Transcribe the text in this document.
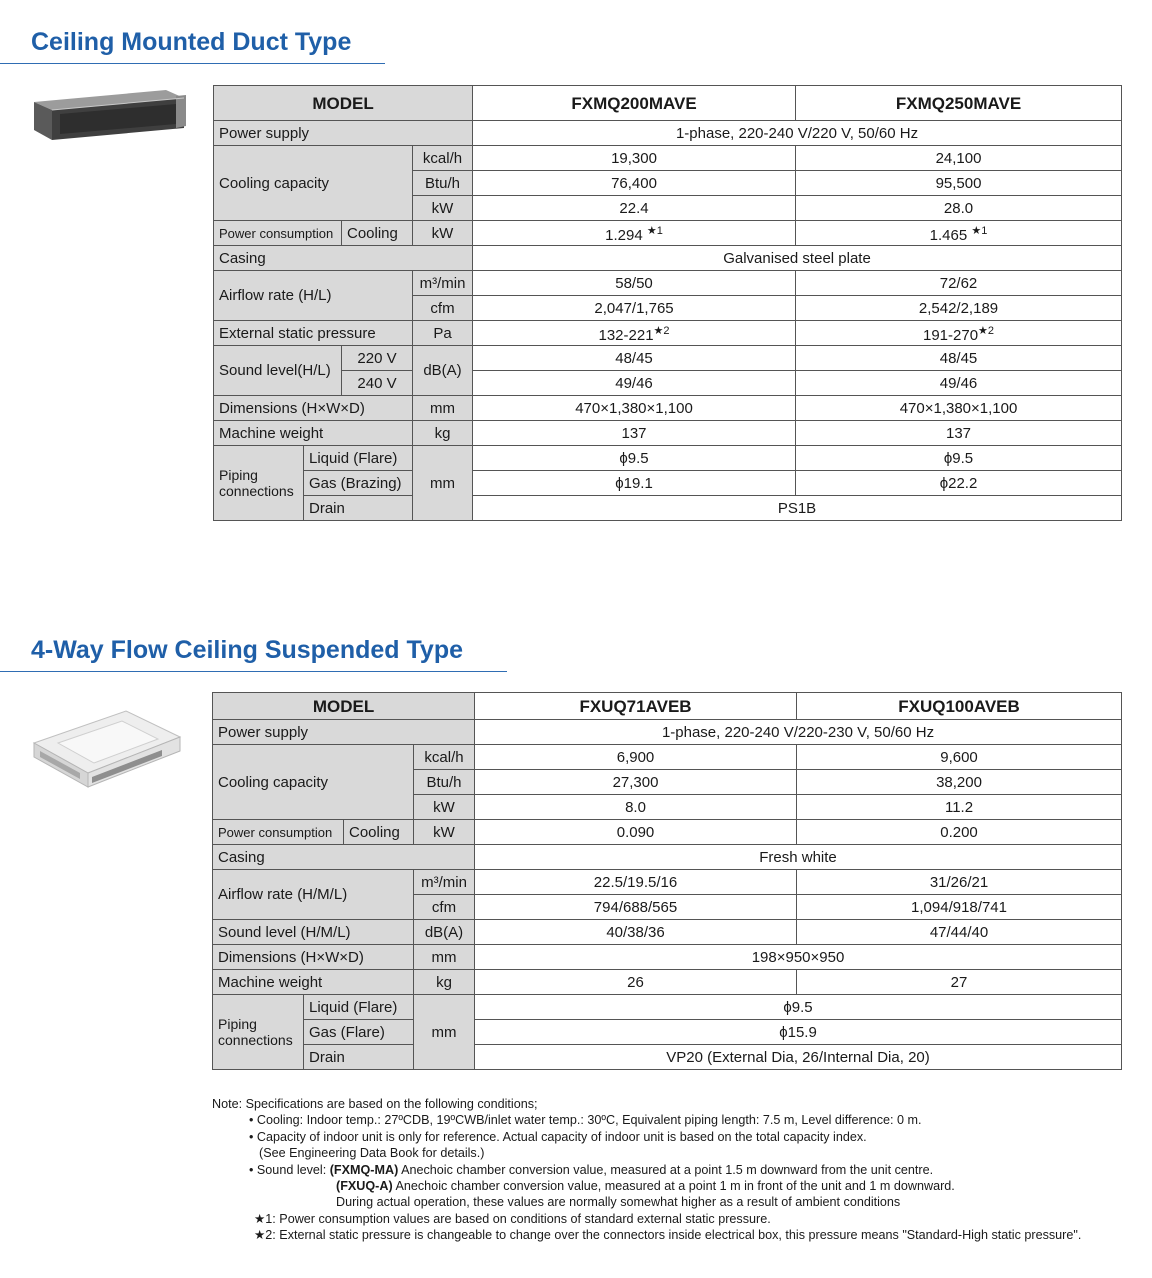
Ceiling Mounted Duct Type
MODEL				FXMQ200MAVE	FXMQ250MAVE
Power supply				1-phase, 220-240 V/220 V, 50/60 Hz	
Cooling capacity			kcal/h	19,300	24,100
			Btu/h	76,400	95,500
			kW	22.4	28.0
Power consumption		Cooling	kW	1.294 $^{★1}$	1.465 $^{★1}$
Casing				Galvanised steel plate	
Airflow rate (H/L)			m³/min	58/50	72/62
			cfm	2,047/1,765	2,542/2,189
External static pressure			Pa	$132-221^{★2}$	$191-270^{★2}$
Sound level(H/L)		220 V	dB(A)	48/45	48/45
		240 V		49/46	49/46
Dimensions (H×W×D)			mm	470×1,380×1,100	470×1,380×1,100
Machine weight			kg	137	137
Piping connections	Liquid (Flare)		mm	ϕ9.5	ϕ9.5
	Gas (Brazing)			ϕ19.1	ϕ22.2
	Drain			PS1B	
4-Way Flow Ceiling Suspended Type
MODEL				FXUQ71AVEB	FXUQ100AVEB
Power supply				1-phase, 220-240 V/220-230 V, 50/60 Hz	
Cooling capacity			kcal/h	6,900	9,600
			Btu/h	27,300	38,200
			kW	8.0	11.2
Power consumption		Cooling	kW	0.090	0.200
Casing				Fresh white	
Airflow rate (H/M/L)			m³/min	22.5/19.5/16	31/26/21
			cfm	794/688/565	1,094/918/741
Sound level (H/M/L)			dB(A)	40/38/36	47/44/40
Dimensions (H×W×D)			mm	198×950×950	
Machine weight			kg	26	27
Piping connections	Liquid (Flare)		mm	ϕ9.5	
	Gas (Flare)			ϕ15.9	
	Drain			VP20 (External Dia, 26/Internal Dia, 20)	
Note: Specifications are based on the following conditions;
• Cooling: Indoor temp.: 27ºCDB, 19ºCWB/inlet water temp.: 30ºC, Equivalent piping length: 7.5 m, Level difference: 0 m.
• Capacity of indoor unit is only for reference. Actual capacity of indoor unit is based on the total capacity index.
(See Engineering Data Book for details.)
• Sound level: (FXMQ-MA) Anechoic chamber conversion value, measured at a point 1.5 m downward from the unit centre.
(FXUQ-A) Anechoic chamber conversion value, measured at a point 1 m in front of the unit and 1 m downward.
During actual operation, these values are normally somewhat higher as a result of ambient conditions
★1: Power consumption values are based on conditions of standard external static pressure.
★2: External static pressure is changeable to change over the connectors inside electrical box, this pressure means "Standard-High static pressure".
